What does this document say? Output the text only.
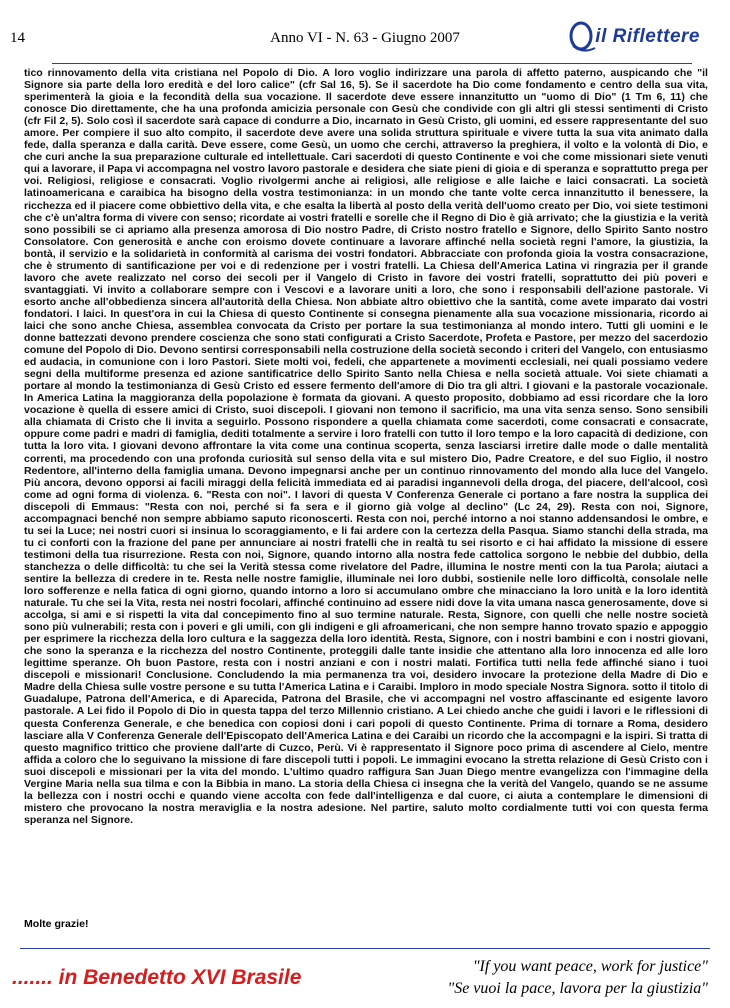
14	Anno VI - N. 63 - Giugno 2007	il Riflettere

tico rinnovamento della vita cristiana nel Popolo di Dio. A loro voglio indirizzare una parola di affetto paterno, auspicando che "il Signore sia parte della loro eredità e del loro calice" (cfr Sal 16, 5). Se il sacerdote ha Dio come fondamento e centro della sua vita, sperimenterà la gioia e la fecondità della sua vocazione. Il sacerdote deve essere innanzitutto un "uomo di Dio" (1 Tm 6, 11) che conosce Dio direttamente, che ha una profonda amicizia personale con Gesù che condivide con gli altri gli stessi sentimenti di Cristo (cfr Fil 2, 5). Solo così il sacerdote sarà capace di condurre a Dio, incarnato in Gesù Cristo, gli uomini, ed essere rappresentante del suo amore. Per compiere il suo alto compito, il sacerdote deve avere una solida struttura spirituale e vivere tutta la sua vita animato dalla fede, dalla speranza e dalla carità. Deve essere, come Gesù, un uomo che cerchi, attraverso la preghiera, il volto e la volontà di Dio, e che curi anche la sua preparazione culturale ed intellettuale. Cari sacerdoti di questo Continente e voi che come missionari siete venuti qui a lavorare, il Papa vi accompagna nel vostro lavoro pastorale e desidera che siate pieni di gioia e di speranza e soprattutto prega per voi. Religiosi, religiose e consacrati. Voglio rivolgermi anche ai religiosi, alle religiose e alle laiche e laici consacrati. La società latinoamericana e caraibica ha bisogno della vostra testimonianza: in un mondo che tante volte cerca innanzitutto il benessere, la ricchezza ed il piacere come obbiettivo della vita, e che esalta la libertà al posto della verità dell'uomo creato per Dio, voi siete testimoni che c'è un'altra forma di vivere con senso; ricordate ai vostri fratelli e sorelle che il Regno di Dio è già arrivato; che la giustizia e la verità sono possibili se ci apriamo alla presenza amorosa di Dio nostro Padre, di Cristo nostro fratello e Signore, dello Spirito Santo nostro Consolatore. Con generosità e anche con eroismo dovete continuare a lavorare affinché nella società regni l'amore, la giustizia, la bontà, il servizio e la solidarietà in conformità al carisma dei vostri fondatori. Abbracciate con profonda gioia la vostra consacrazione, che è strumento di santificazione per voi e di redenzione per i vostri fratelli. La Chiesa dell'America Latina vi ringrazia per il grande lavoro che avete realizzato nel corso dei secoli per il Vangelo di Cristo in favore dei vostri fratelli, soprattutto dei più poveri e svantaggiati. Vi invito a collaborare sempre con i Vescovi e a lavorare uniti a loro, che sono i responsabili dell'azione pastorale. Vi esorto anche all'obbedienza sincera all'autorità della Chiesa. Non abbiate altro obiettivo che la santità, come avete imparato dai vostri fondatori. I laici. In quest'ora in cui la Chiesa di questo Continente si consegna pienamente alla sua vocazione missionaria, ricordo ai laici che sono anche Chiesa, assemblea convocata da Cristo per portare la sua testimonianza al mondo intero. Tutti gli uomini e le donne battezzati devono prendere coscienza che sono stati configurati a Cristo Sacerdote, Profeta e Pastore, per mezzo del sacerdozio comune del Popolo di Dio. Devono sentirsi corresponsabili nella costruzione della società secondo i criteri del Vangelo, con entusiasmo ed audacia, in comunione con i loro Pastori. Siete molti voi, fedeli, che appartenete a movimenti ecclesiali, nei quali possiamo vedere segni della multiforme presenza ed azione santificatrice dello Spirito Santo nella Chiesa e nella società attuale. Voi siete chiamati a portare al mondo la testimonianza di Gesù Cristo ed essere fermento dell'amore di Dio tra gli altri. I giovani e la pastorale vocazionale. In America Latina la maggioranza della popolazione è formata da giovani. A questo proposito, dobbiamo ad essi ricordare che la loro vocazione è quella di essere amici di Cristo, suoi discepoli. I giovani non temono il sacrificio, ma una vita senza senso. Sono sensibili alla chiamata di Cristo che li invita a seguirlo. Possono rispondere a quella chiamata come sacerdoti, come consacrati e consacrate, oppure come padri e madri di famiglia, dediti totalmente a servire i loro fratelli con tutto il loro tempo e la loro capacità di dedizione, con tutta la loro vita. I giovani devono affrontare la vita come una continua scoperta, senza lasciarsi irretire dalle mode o dalle mentalità correnti, ma procedendo con una profonda curiosità sul senso della vita e sul mistero Dio, Padre Creatore, e del suo Figlio, il nostro Redentore, all'interno della famiglia umana. Devono impegnarsi anche per un continuo rinnovamento del mondo alla luce del Vangelo. Più ancora, devono opporsi ai facili miraggi della felicità immediata ed ai paradisi ingannevoli della droga, del piacere, dell'alcool, così come ad ogni forma di violenza. 6. "Resta con noi". I lavori di questa V Conferenza Generale ci portano a fare nostra la supplica dei discepoli di Emmaus: "Resta con noi, perché si fa sera e il giorno già volge al declino" (Lc 24, 29). Resta con noi, Signore, accompagnaci benché non sempre abbiamo saputo riconoscerti. Resta con noi, perché intorno a noi stanno addensandosi le ombre, e tu sei la Luce; nei nostri cuori si insinua lo scoraggiamento, e li fai ardere con la certezza della Pasqua. Siamo stanchi della strada, ma tu ci conforti con la frazione del pane per annunciare ai nostri fratelli che in realtà tu sei risorto e ci hai affidato la missione di essere testimoni della tua risurrezione. Resta con noi, Signore, quando intorno alla nostra fede cattolica sorgono le nebbie del dubbio, della stanchezza o delle difficoltà: tu che sei la Verità stessa come rivelatore del Padre, illumina le nostre menti con la tua Parola; aiutaci a sentire la bellezza di credere in te. Resta nelle nostre famiglie, illuminale nei loro dubbi, sostienile nelle loro difficoltà, consolale nelle loro sofferenze e nella fatica di ogni giorno, quando intorno a loro si accumulano ombre che minacciano la loro unità e la loro identità naturale. Tu che sei la Vita, resta nei nostri focolari, affinché continuino ad essere nidi dove la vita umana nasca generosamente, dove si accolga, si ami e si rispetti la vita dal concepimento fino al suo termine naturale. Resta, Signore, con quelli che nelle nostre società sono più vulnerabili; resta con i poveri e gli umili, con gli indigeni e gli afroamericani, che non sempre hanno trovato spazio e appoggio per esprimere la ricchezza della loro cultura e la saggezza della loro identità. Resta, Signore, con i nostri bambini e con i nostri giovani, che sono la speranza e la ricchezza del nostro Continente, proteggili dalle tante insidie che attentano alla loro innocenza ed alle loro legittime speranze. Oh buon Pastore, resta con i nostri anziani e con i nostri malati. Fortifica tutti nella fede affinché siano i tuoi discepoli e missionari! Conclusione. Concludendo la mia permanenza tra voi, desidero invocare la protezione della Madre di Dio e Madre della Chiesa sulle vostre persone e su tutta l'America Latina e i Caraibi. Imploro in modo speciale Nostra Signora. sotto il titolo di Guadalupe, Patrona dell'America, e di Aparecida, Patrona del Brasile, che vi accompagni nel vostro affascinante ed esigente lavoro pastorale. A Lei fido il Popolo di Dio in questa tappa del terzo Millennio cristiano. A Lei chiedo anche che guidi i lavori e le riflessioni di questa Conferenza Generale, e che benedica con copiosi doni i cari popoli di questo Continente. Prima di tornare a Roma, desidero lasciare alla V Conferenza Generale dell'Episcopato dell'America Latina e dei Caraibi un ricordo che la accompagni e la ispiri. Si tratta di questo magnifico trittico che proviene dall'arte di Cuzco, Perù. Vi è rappresentato il Signore poco prima di ascendere al Cielo, mentre affida a coloro che lo seguivano la missione di fare discepoli tutti i popoli. Le immagini evocano la stretta relazione di Gesù Cristo con i suoi discepoli e missionari per la vita del mondo. L'ultimo quadro raffigura San Juan Diego mentre evangelizza con l'immagine della Vergine Maria nella sua tilma e con la Bibbia in mano. La storia della Chiesa ci insegna che la verità del Vangelo, quando se ne assume la bellezza con i nostri occhi e quando viene accolta con fede dall'intelligenza e dal cuore, ci aiuta a contemplare le dimensioni di mistero che provocano la nostra meraviglia e la nostra adesione. Nel partire, saluto molto cordialmente tutti voi con questa ferma speranza nel Signore.

Molte grazie!
....... in Benedetto XVI Brasile	"If you want peace, work for justice"
"Se vuoi la pace, lavora per la giustizia"
